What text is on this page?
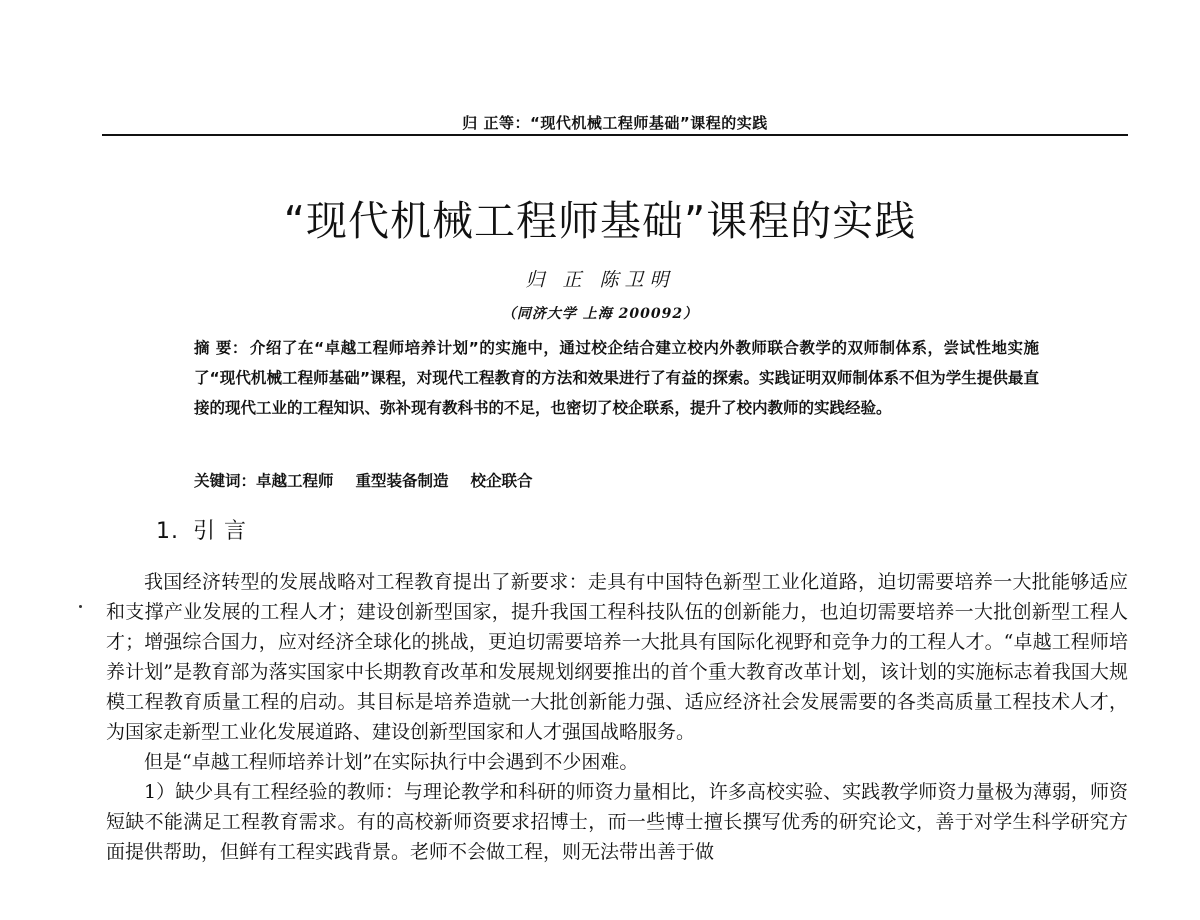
归 正等：“现代机械工程师基础”课程的实践
“现代机械工程师基础”课程的实践
归 正 陈卫明
（同济大学 上海 200092）

摘 要： 介绍了在“卓越工程师培养计划”的实施中，通过校企结合建立校内外教师联合教学的双师制体系，尝试性地实施了“现代机械工程师基础”课程，对现代工程教育的方法和效果进行了有益的探索。实践证明双师制体系不但为学生提供最直接的现代工业的工程知识、弥补现有教科书的不足，也密切了校企联系，提升了校内教师的实践经验。

关键词：卓越工程师 重型装备制造 校企联合
1. 引 言

我国经济转型的发展战略对工程教育提出了新要求：走具有中国特色新型工业化道路，迫切需要培养一大批能够适应和支撑产业发展的工程人才；建设创新型国家，提升我国工程科技队伍的创新能力，也迫切需要培养一大批创新型工程人才；增强综合国力，应对经济全球化的挑战，更迫切需要培养一大批具有国际化视野和竞争力的工程人才。“卓越工程师培养计划”是教育部为落实国家中长期教育改革和发展规划纲要推出的首个重大教育改革计划，该计划的实施标志着我国大规模工程教育质量工程的启动。其目标是培养造就一大批创新能力强、适应经济社会发展需要的各类高质量工程技术人才，为国家走新型工业化发展道路、建设创新型国家和人才强国战略服务。

但是“卓越工程师培养计划”在实际执行中会遇到不少困难。

1）缺少具有工程经验的教师：与理论教学和科研的师资力量相比，许多高校实验、实践教学师资力量极为薄弱，师资短缺不能满足工程教育需求。有的高校新师资要求招博士，而一些博士擅长撰写优秀的研究论文，善于对学生科学研究方面提供帮助，但鲜有工程实践背景。老师不会做工程，则无法带出善于做
